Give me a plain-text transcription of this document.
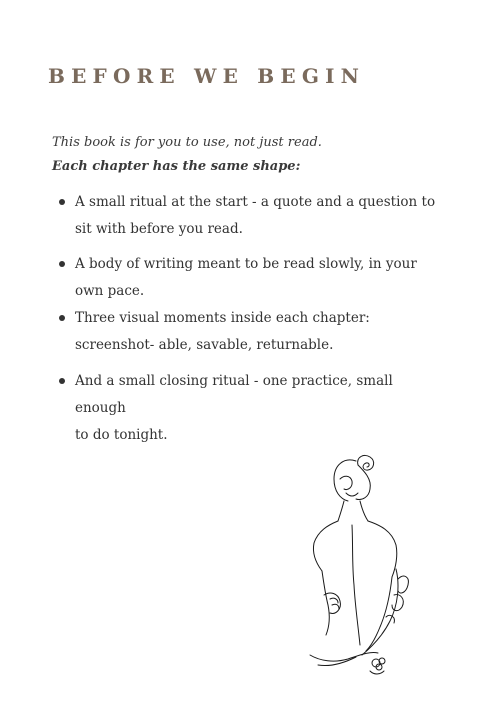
BEFORE WE BEGIN
This book is for you to use, not just read.
Each chapter has the same shape:
A small ritual at the start - a quote and a question to
sit with before you read.
A body of writing meant to be read slowly, in your
own pace.
Three visual moments inside each chapter:
screenshot- able, savable, returnable.
And a small closing ritual - one practice, small enough
to do tonight.
